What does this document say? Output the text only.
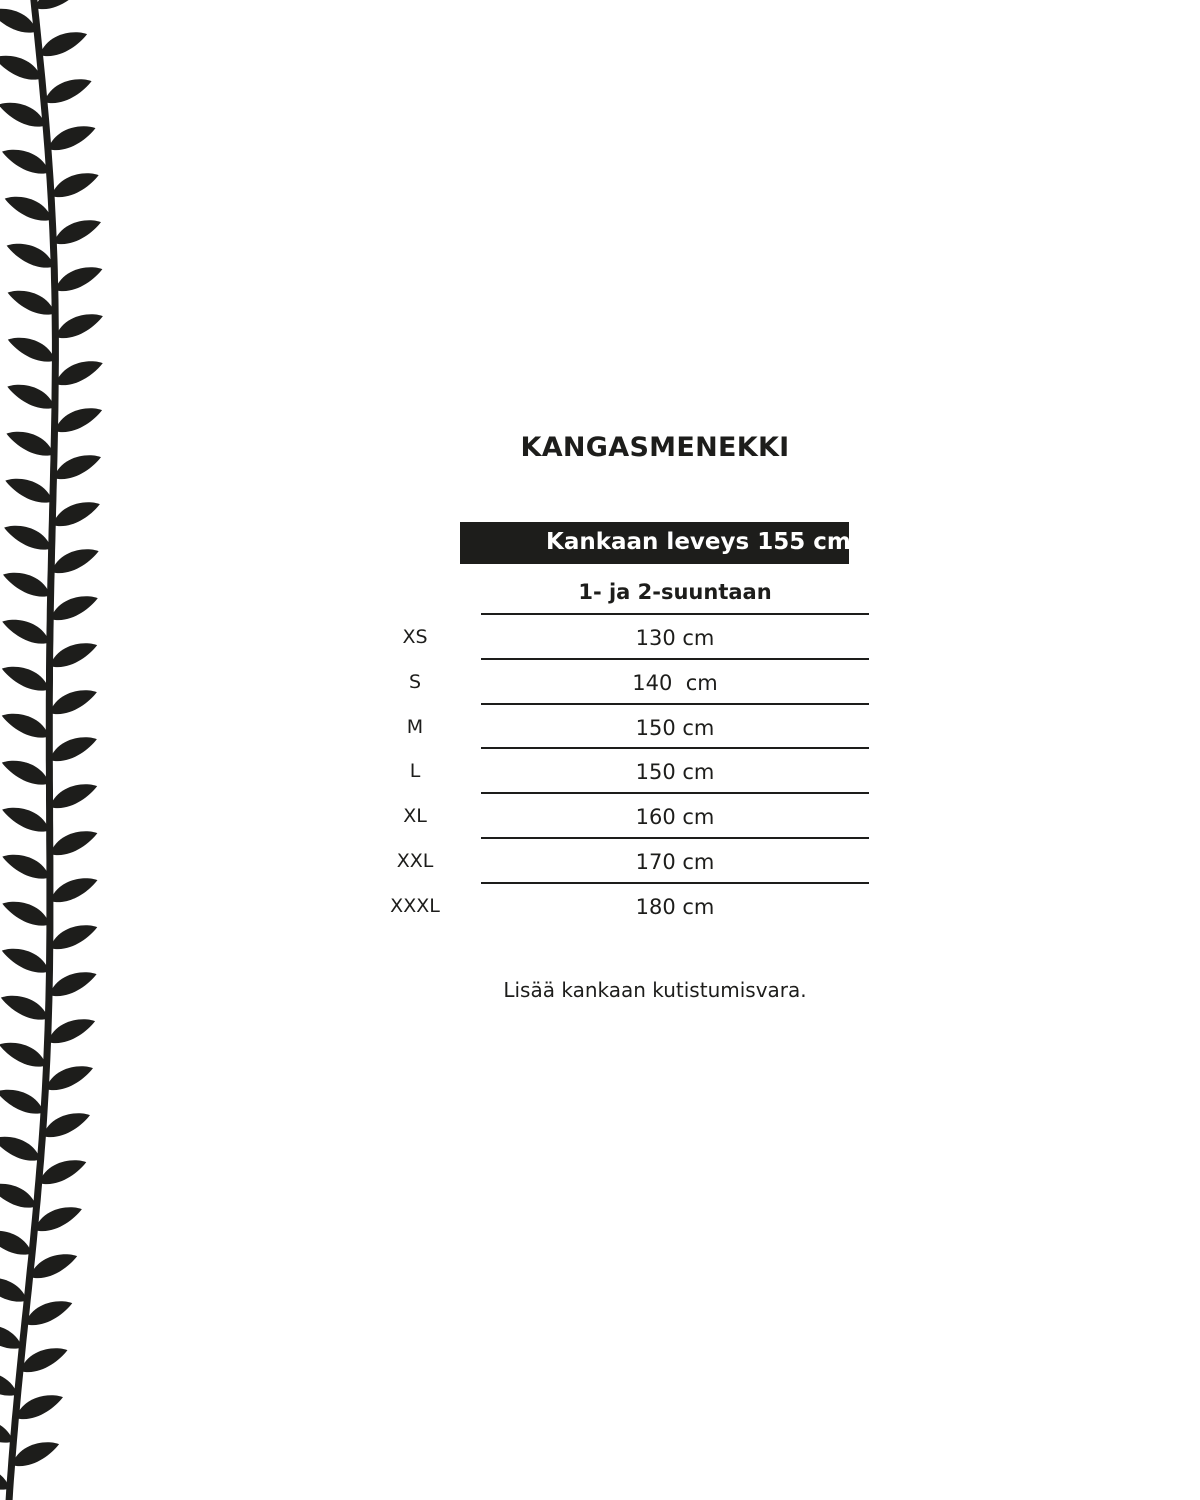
KANGASMENEKKI
Kankaan leveys 155 cm
1- ja 2-suuntaan
XS	130 cm
S	140  cm
M	150 cm
L	150 cm
XL	160 cm
XXL	170 cm
XXXL	180 cm
Lisää kankaan kutistumisvara.
